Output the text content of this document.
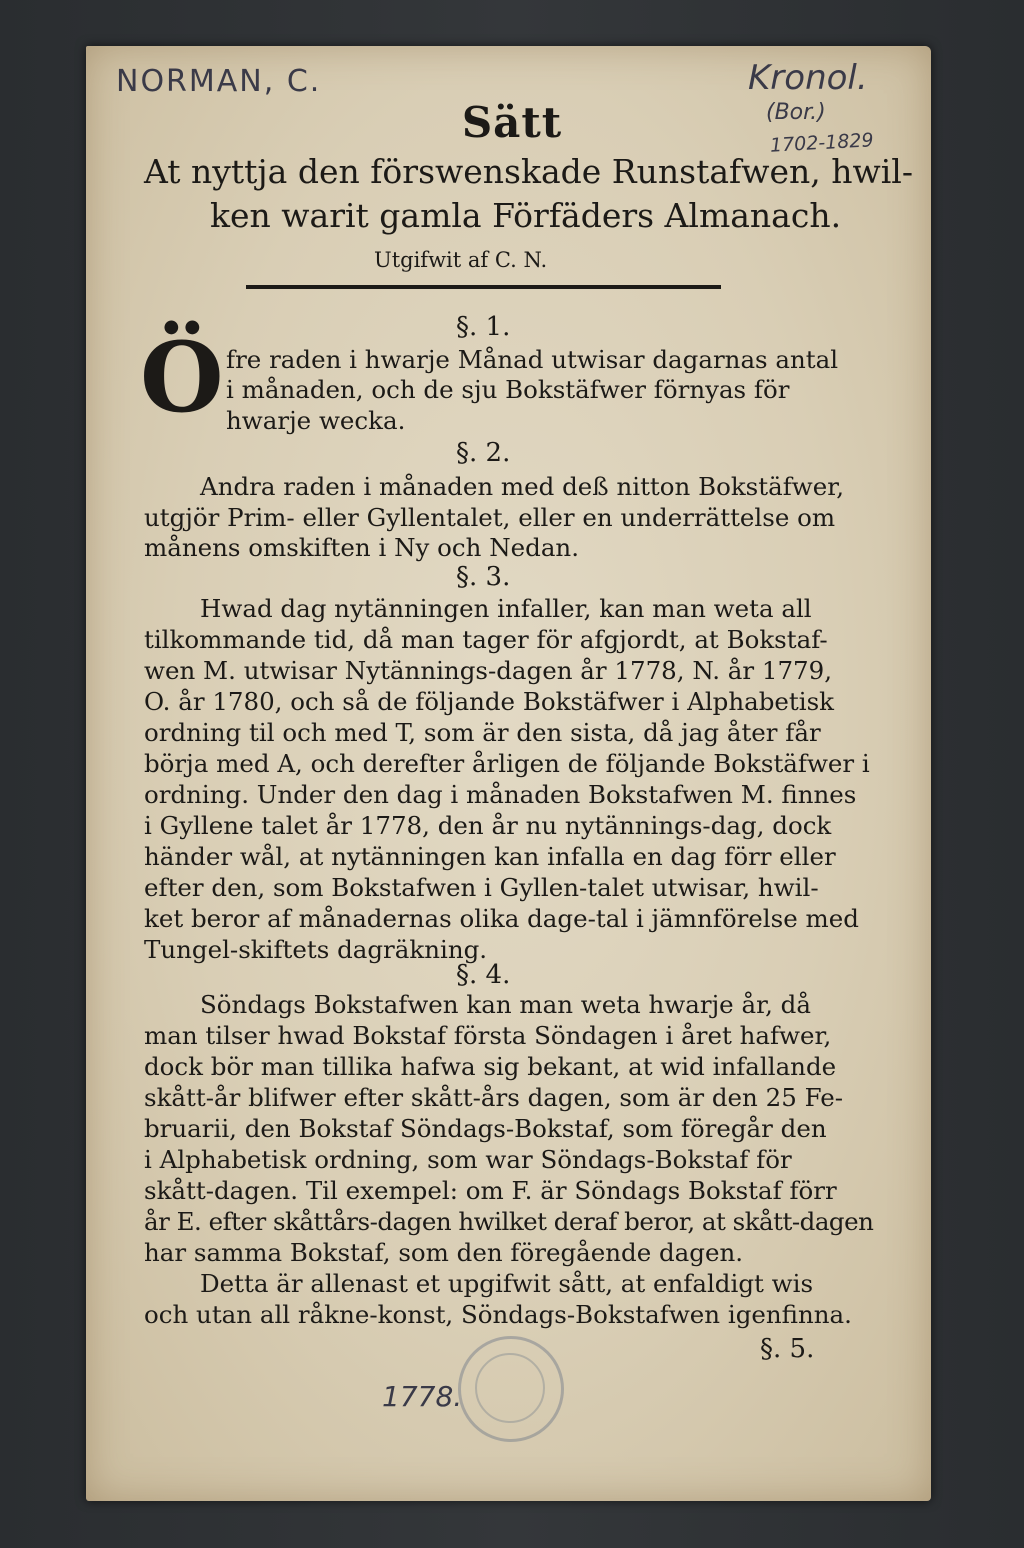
NORMAN, C.	Kronol.
(Bor.)
1702-1829
1778.
Sätt
At nyttja den förswenskade Runstafwen, hwil-
ken warit gamla Förfäders Almanach.
Utgifwit af C. N.
§. 1.
Ö fre raden i hwarje Månad utwisar dagarnas antal
i månaden, och de sju Bokstäfwer förnyas för
hwarje wecka.
§. 2.
Andra raden i månaden med deß nitton Bokstäfwer,
utgjör Prim- eller Gyllentalet, eller en underrättelse om
månens omskiften i Ny och Nedan.
§. 3.
Hwad dag nytänningen infaller, kan man weta all
tilkommande tid, då man tager för afgjordt, at Bokstaf-
wen M. utwisar Nytännings-dagen år 1778, N. år 1779,
O. år 1780, och så de följande Bokstäfwer i Alphabetisk
ordning til och med T, som är den sista, då jag åter får
börja med A, och derefter årligen de följande Bokstäfwer i
ordning. Under den dag i månaden Bokstafwen M. finnes
i Gyllene talet år 1778, den år nu nytännings-dag, dock
händer wål, at nytänningen kan infalla en dag förr eller
efter den, som Bokstafwen i Gyllen-talet utwisar, hwil-
ket beror af månadernas olika dage-tal i jämnförelse med
Tungel-skiftets dagräkning.
§. 4.
Söndags Bokstafwen kan man weta hwarje år, då
man tilser hwad Bokstaf första Söndagen i året hafwer,
dock bör man tillika hafwa sig bekant, at wid infallande
skått-år blifwer efter skått-års dagen, som är den 25 Fe-
bruarii, den Bokstaf Söndags-Bokstaf, som föregår den
i Alphabetisk ordning, som war Söndags-Bokstaf för
skått-dagen. Til exempel: om F. är Söndags Bokstaf förr
år E. efter skåttårs-dagen hwilket deraf beror, at skått-dagen
har samma Bokstaf, som den föregående dagen.
Detta är allenast et upgifwit sått, at enfaldigt wis
och utan all råkne-konst, Söndags-Bokstafwen igenfinna.
§. 5.
